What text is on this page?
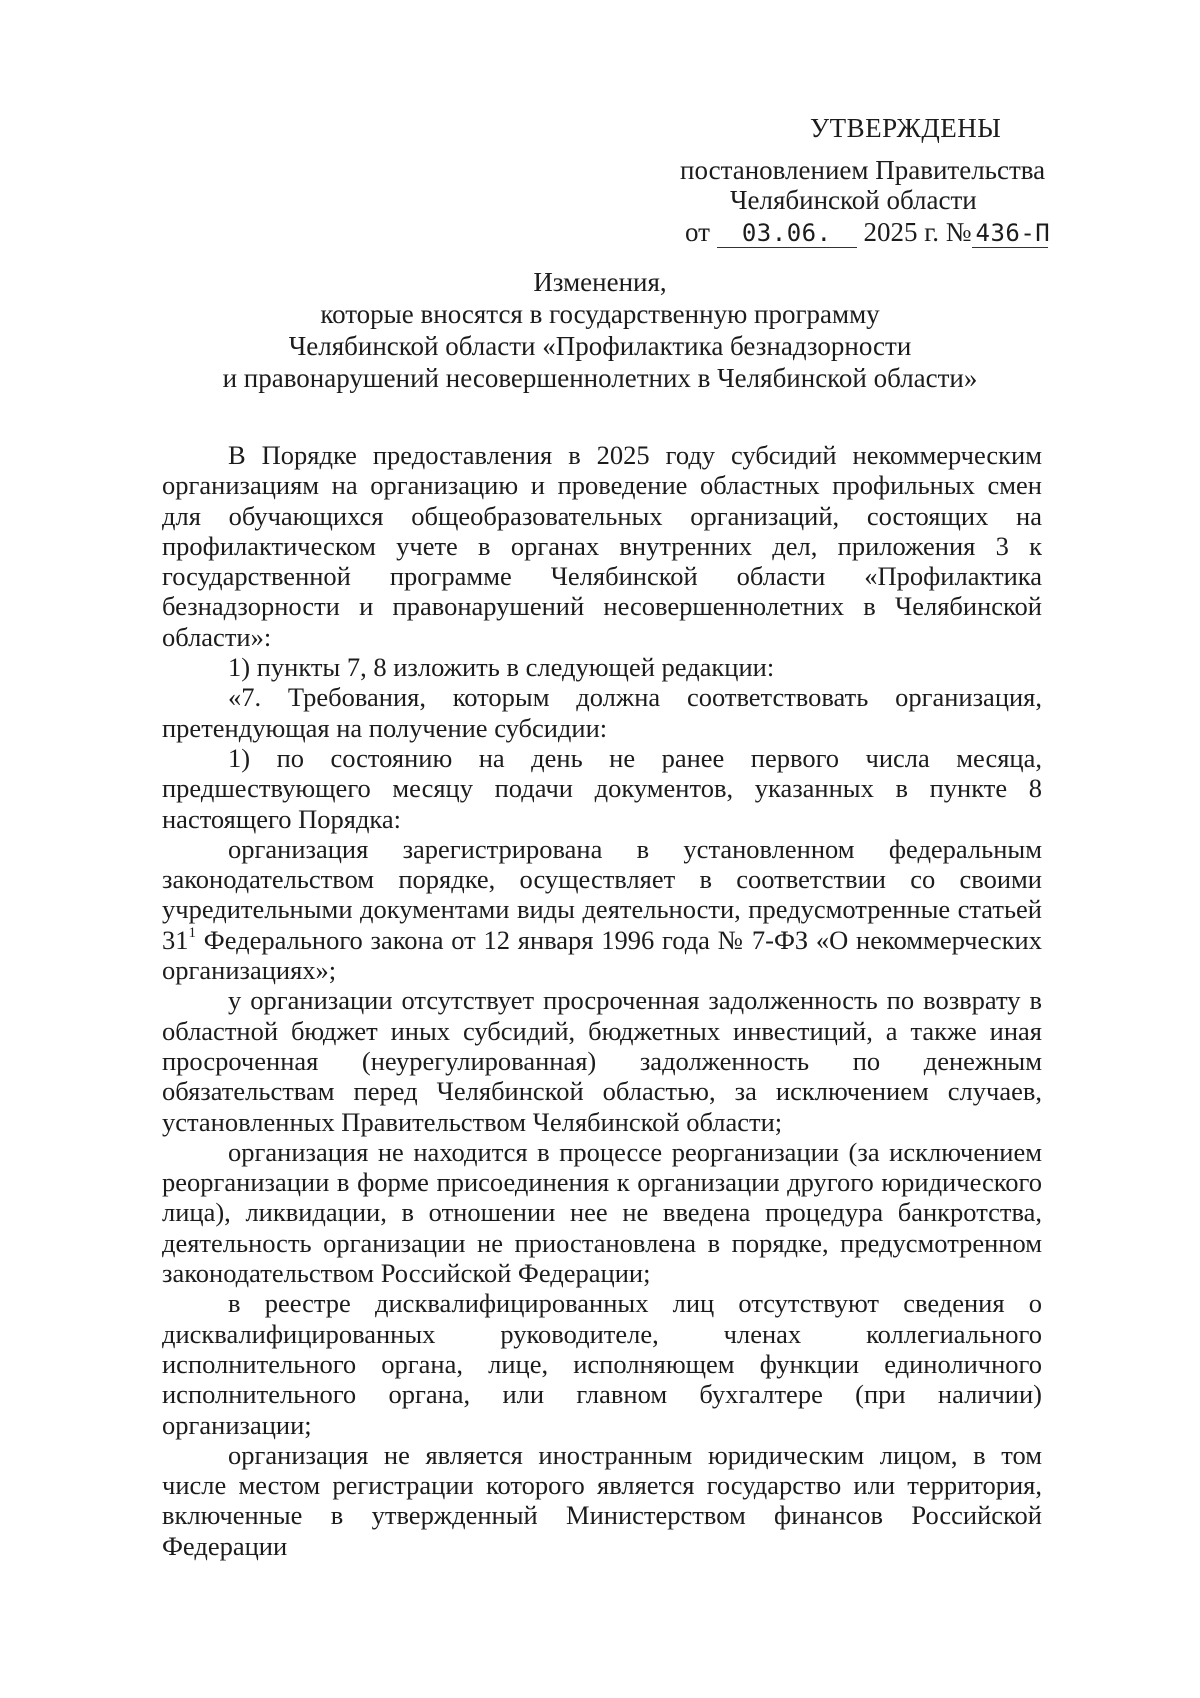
УТВЕРЖДЕНЫ
постановлением Правительства
Челябинской области
от 03.06. 2025 г. № 436-П
Изменения,
которые вносятся в государственную программу
Челябинской области «Профилактика безнадзорности
и правонарушений несовершеннолетних в Челябинской области»

В Порядке предоставления в 2025 году субсидий некоммерческим организациям на организацию и проведение областных профильных смен для обучающихся общеобразовательных организаций, состоящих на профилактическом учете в органах внутренних дел, приложения 3 к государственной программе Челябинской области «Профилактика безнадзорности и правонарушений несовершеннолетних в Челябинской области»:

1) пункты 7, 8 изложить в следующей редакции:

«7. Требования, которым должна соответствовать организация, претендующая на получение субсидии:

1) по состоянию на день не ранее первого числа месяца, предшествующего месяцу подачи документов, указанных в пункте 8 настоящего Порядка:

организация зарегистрирована в установленном федеральным законодательством порядке, осуществляет в соответствии со своими учредительными документами виды деятельности, предусмотренные статьей $31^1$ Федерального закона от 12 января 1996 года № 7-ФЗ «О некоммерческих организациях»;

у организации отсутствует просроченная задолженность по возврату в областной бюджет иных субсидий, бюджетных инвестиций, а также иная просроченная (неурегулированная) задолженность по денежным обязательствам перед Челябинской областью, за исключением случаев, установленных Правительством Челябинской области;

организация не находится в процессе реорганизации (за исключением реорганизации в форме присоединения к организации другого юридического лица), ликвидации, в отношении нее не введена процедура банкротства, деятельность организации не приостановлена в порядке, предусмотренном законодательством Российской Федерации;

в реестре дисквалифицированных лиц отсутствуют сведения о дисквалифицированных руководителе, членах коллегиального исполнительного органа, лице, исполняющем функции единоличного исполнительного органа, или главном бухгалтере (при наличии) организации;

организация не является иностранным юридическим лицом, в том числе местом регистрации которого является государство или территория, включенные в утвержденный Министерством финансов Российской Федерации
